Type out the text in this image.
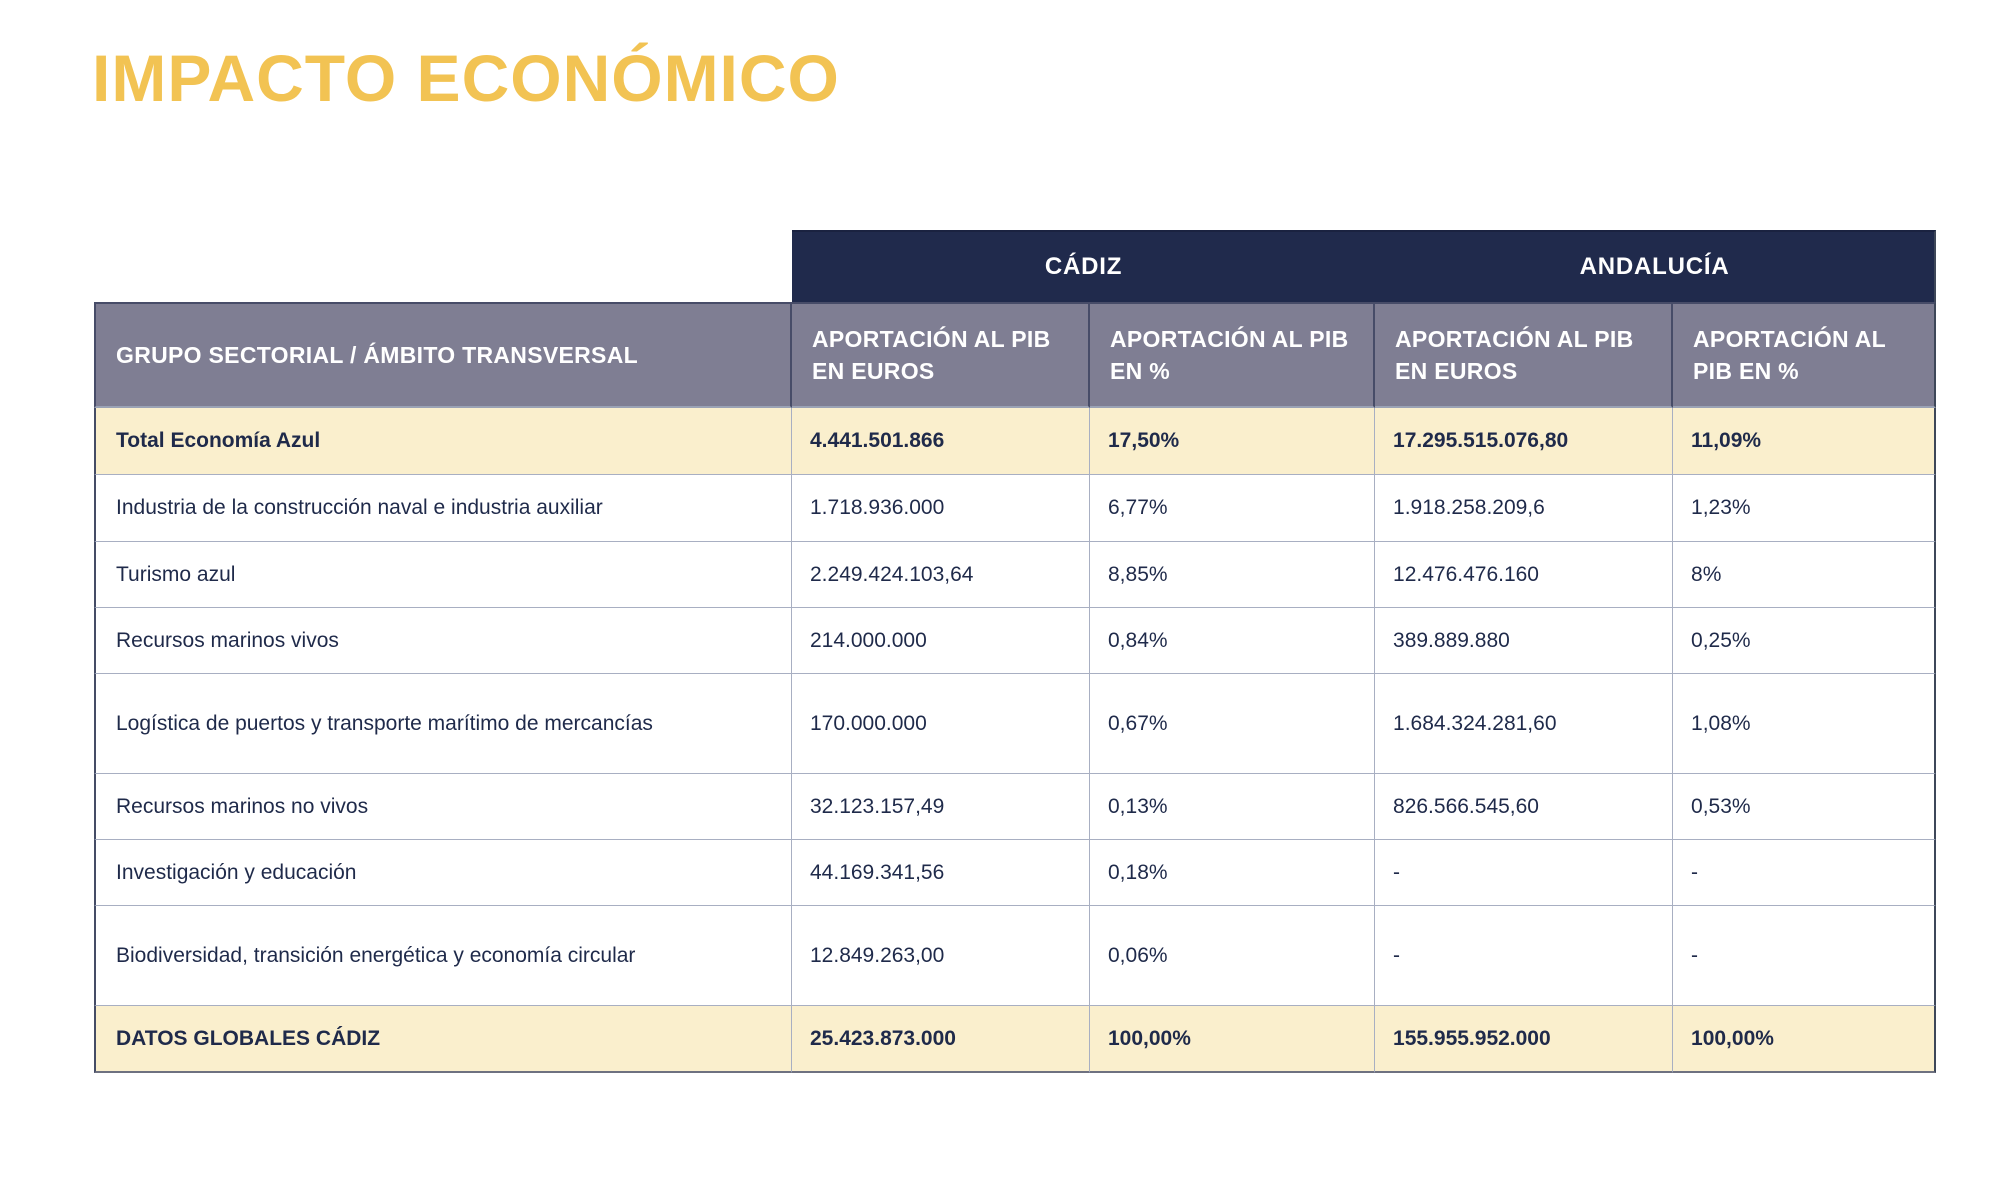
IMPACTO ECONÓMICO
	CÁDIZ		ANDALUCÍA	
GRUPO SECTORIAL / ÁMBITO TRANSVERSAL	APORTACIÓN AL PIB EN EUROS	APORTACIÓN AL PIB EN %	APORTACIÓN AL PIB EN EUROS	APORTACIÓN AL PIB EN %
Total Economía Azul	4.441.501.866	17,50%	17.295.515.076,80	11,09%
Industria de la construcción naval e industria auxiliar	1.718.936.000	6,77%	1.918.258.209,6	1,23%
Turismo azul	2.249.424.103,64	8,85%	12.476.476.160	8%
Recursos marinos vivos	214.000.000	0,84%	389.889.880	0,25%
Logística de puertos y transporte marítimo de mercancías	170.000.000	0,67%	1.684.324.281,60	1,08%
Recursos marinos no vivos	32.123.157,49	0,13%	826.566.545,60	0,53%
Investigación y educación	44.169.341,56	0,18%	-	-
Biodiversidad, transición energética y economía circular	12.849.263,00	0,06%	-	-
DATOS GLOBALES CÁDIZ	25.423.873.000	100,00%	155.955.952.000	100,00%
